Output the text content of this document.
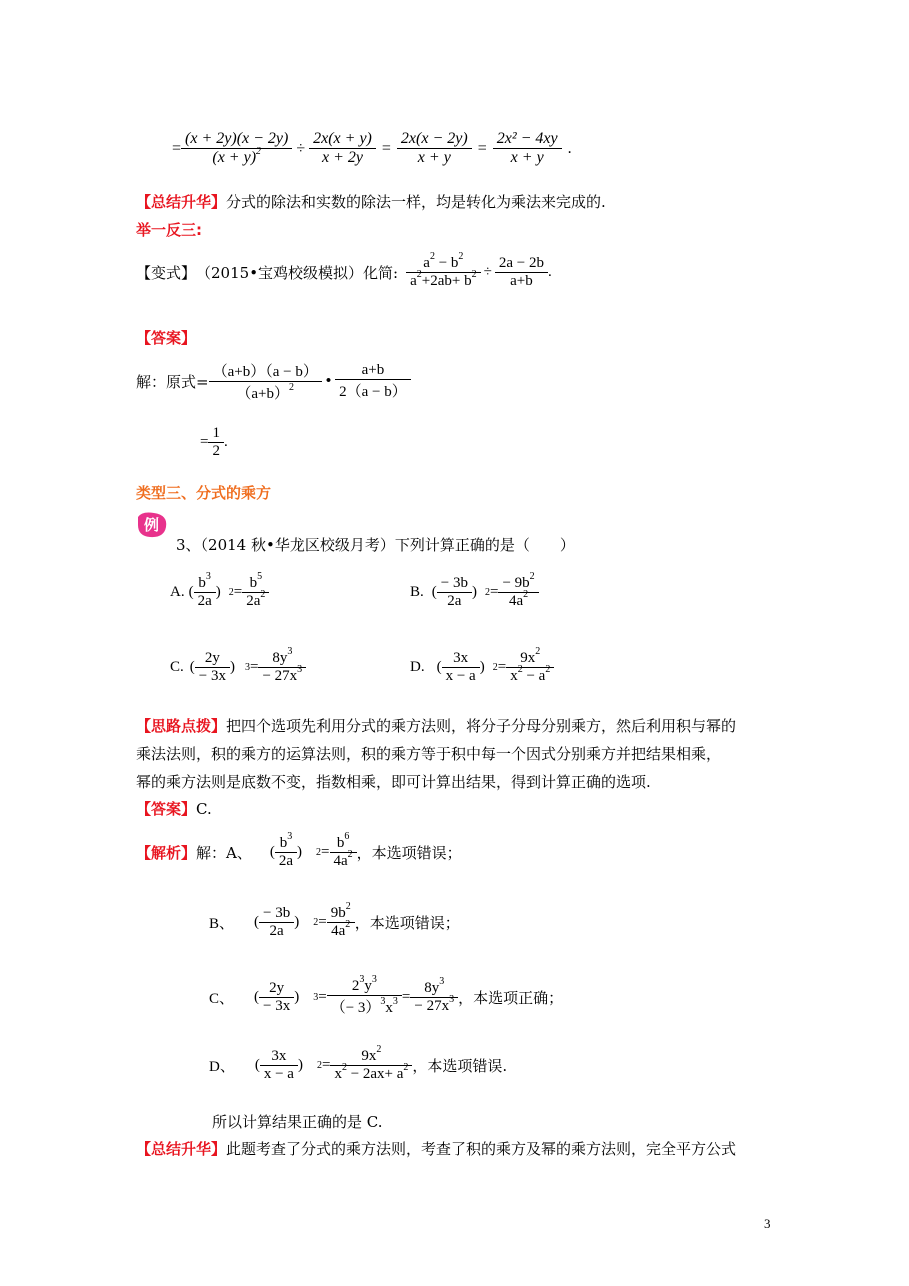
= $\frac{(x + 2y)(x - 2y)}{(x + y)^2} \div \frac{2x(x + y)}{x + 2y} = \frac{2x(x - 2y)}{x + y} = \frac{\text{2x² − 4xy}}{x + y}$ .
【总结升华】分式的除法和实数的除法一样，均是转化为乘法来完成的.
举一反三:
【变式】 （2015•宝鸡校级模拟）化简: $\frac{a^2 - b^2}{a^2+2ab+ b^2} \div \frac{2a - 2b}{a+b}$ .
【答案】
解：原式= $\frac{(a+b)(a - b)}{(a+b)^2}$ • $\frac{a+b}{2(a - b)}$
= $\frac{1}{2}$ .
类型三、分式的乘方
例
3、（2014 秋•华龙区校级月考）下列计算正确的是（　　）
A. ( $\frac{b^3}{2a}$ ) $2 = \frac{b^5}{2a^2}$	B. ( $\frac{- 3b}{2a}$ ) $2 = \frac{- 9b^2}{4a^2}$
C. ( $\frac{2y}{- 3x}$ ) $3 = \frac{8y^3}{- 27x^3}$	D. ( $\frac{3x}{x - a}$ ) $2 = \frac{9x^2}{x^2 - a^2}$
【思路点拨】把四个选项先利用分式的乘方法则，将分子分母分别乘方，然后利用积与幂的
乘法法则，积的乘方的运算法则，积的乘方等于积中每一个因式分别乘方并把结果相乘，
幂的乘方法则是底数不变，指数相乘，即可计算出结果，得到计算正确的选项.
【答案】C.
【解析】 解：A、 ( $\frac{b^3}{2a}$ ) $2 = \frac{b^6}{4a^2}$ ，本选项错误；
B、 ( $\frac{- 3b}{2a}$ ) $2 = \frac{9b^2}{4a^2}$ ，本选项错误；
C、 ( $\frac{2y}{- 3x}$ ) $3 = \frac{2^3y^3}{(- 3)^3x^3} = \frac{8y^3}{- 27x^3}$ ，本选项正确；
D、 ( $\frac{3x}{x - a}$ ) $2 = \frac{9x^2}{x^2 - 2ax+ a^2}$ ，本选项错误.
所以计算结果正确的是 C.
【总结升华】此题考查了分式的乘方法则，考查了积的乘方及幂的乘方法则，完全平方公式
3
